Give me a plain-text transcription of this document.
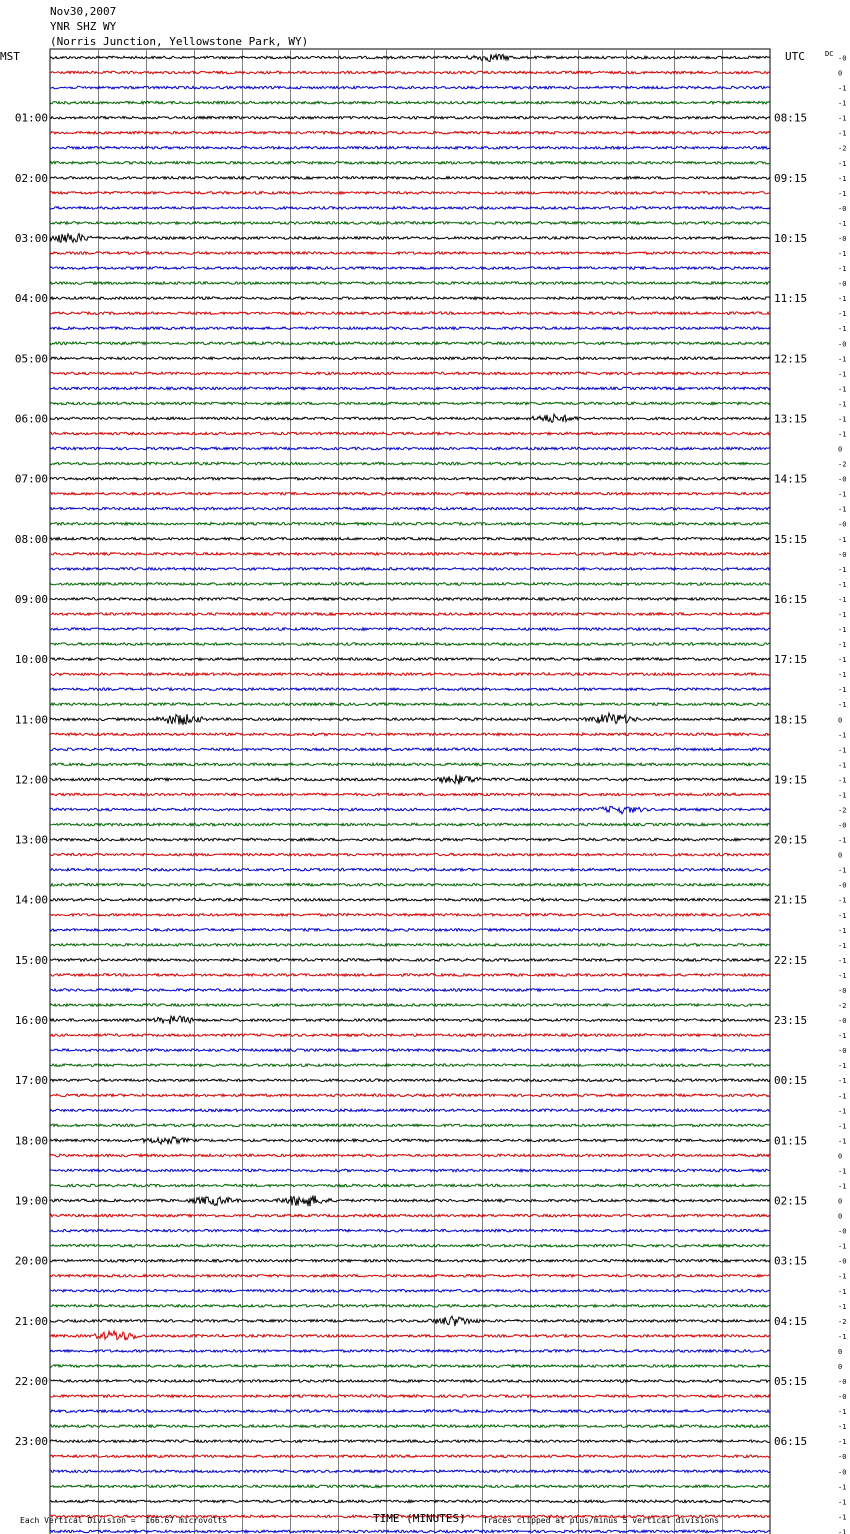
Nov30,2007
YNR SHZ WY
(Norris Junction, Yellowstone Park, WY)
MST	UTC	DC
-0
0
-1
-1
-1
-1
-2
-1
-1
-1
-0
-1
-0
-1
-1
-0
-1
-1
-1
-0
-1
-1
-1
-1
-1
-1
0
-2
-0
-1
-1
-0
-1
-0
-1
-1
-1
-1
-1
-1
-1
-1
-1
-1
0
-1
-1
-1
-1
-1
-2
-0
-1
0
-1
-0
-1
-1
-1
-1
-1
-1
-0
-2
-0
-1
-0
-1
-1
-1
-1
-1
-1
0
-1
-1
0
0
-0
-1
-0
-1
-1
-1
-2
-1
0
0
-0
-0
-1
-1
-1
-0
-0
-1
-1
-1
-1
01:00
02:00
03:00
04:00
05:00
06:00
07:00
08:00
09:00
10:00
11:00
12:00
13:00
14:00
15:00
16:00
17:00
18:00
19:00
20:00
21:00
22:00
23:00
08:15
09:15
10:15
11:15
12:15
13:15
14:15
15:15
16:15
17:15
18:15
19:15
20:15
21:15
22:15
23:15
00:15
01:15
02:15
03:15
04:15
05:15
06:15
Each Vertical Division =  166.67 microvolts	TIME (MINUTES) Traces clipped at plus/minus 5 vertical divisions
